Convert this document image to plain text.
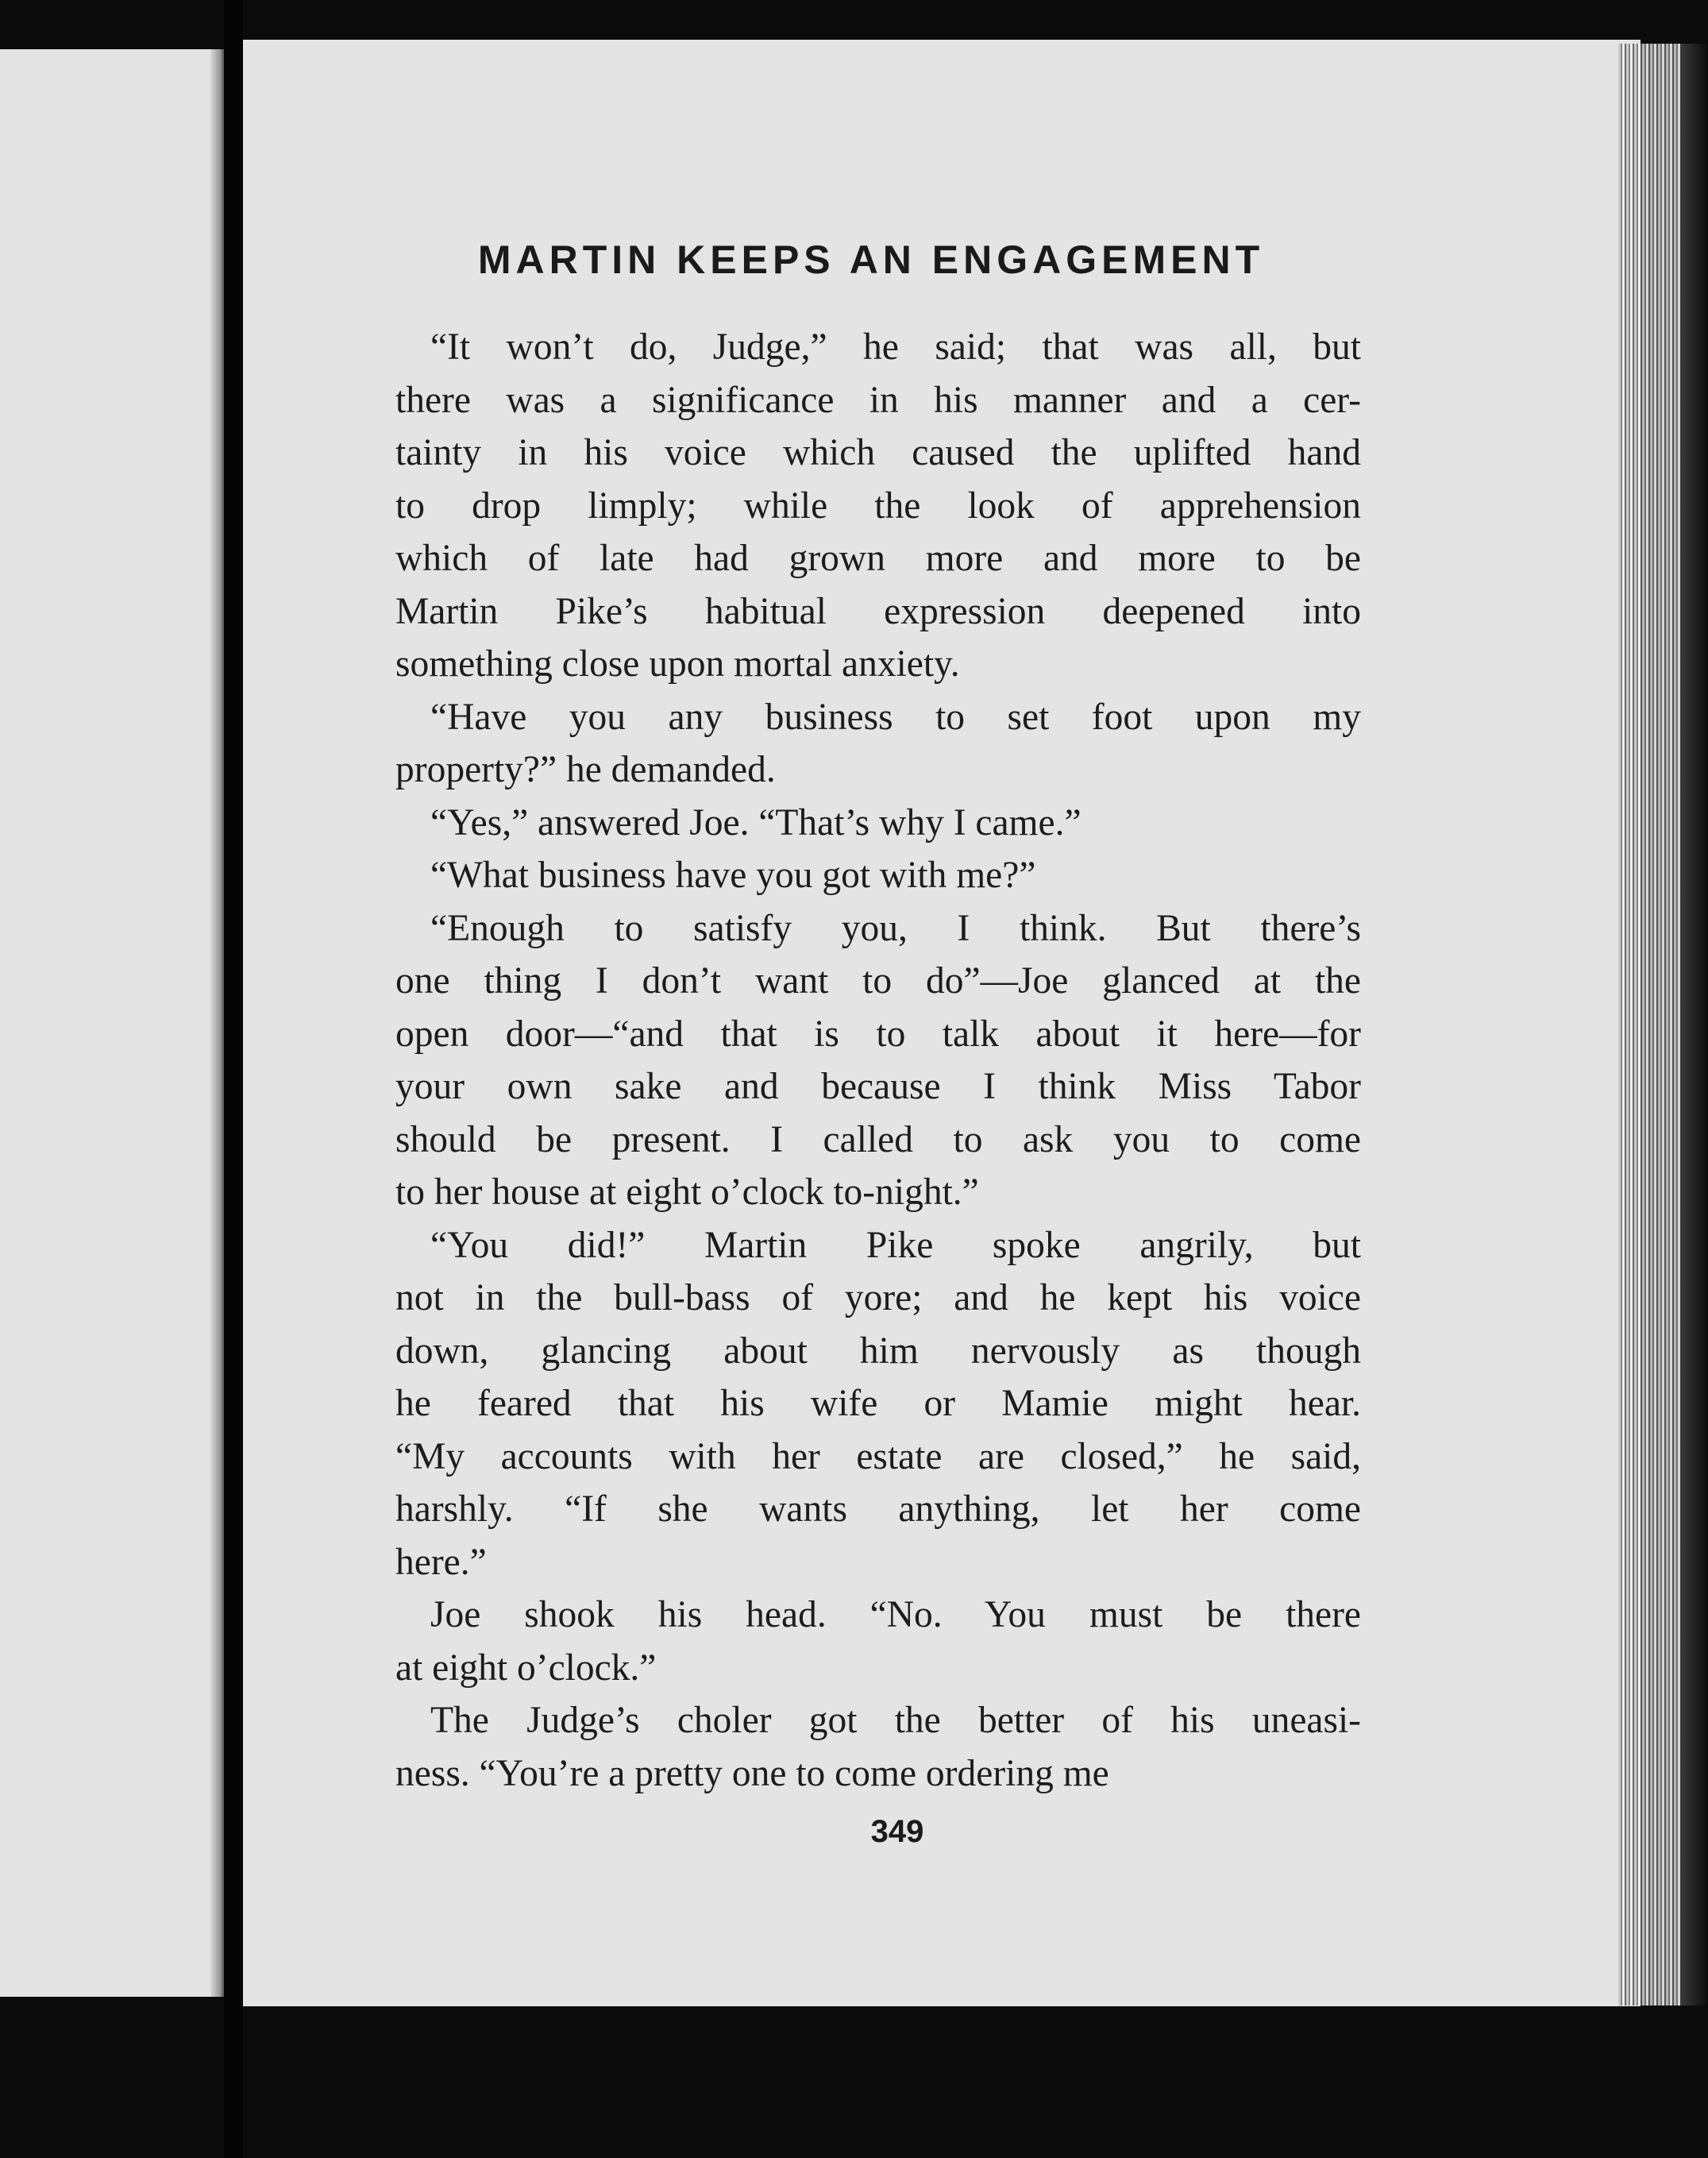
MARTIN KEEPS AN ENGAGEMENT
“It won’t do, Judge,” he said; that was all, but
there was a significance in his manner and a cer-
tainty in his voice which caused the uplifted hand
to drop limply; while the look of apprehension
which of late had grown more and more to be
Martin Pike’s habitual expression deepened into
something close upon mortal anxiety.
“Have you any business to set foot upon my
property?” he demanded.
“Yes,” answered Joe. “That’s why I came.”
“What business have you got with me?”
“Enough to satisfy you, I think. But there’s
one thing I don’t want to do”—Joe glanced at the
open door—“and that is to talk about it here—for
your own sake and because I think Miss Tabor
should be present. I called to ask you to come
to her house at eight o’clock to-night.”
“You did!” Martin Pike spoke angrily, but
not in the bull-bass of yore; and he kept his voice
down, glancing about him nervously as though
he feared that his wife or Mamie might hear.
“My accounts with her estate are closed,” he said,
harshly. “If she wants anything, let her come
here.”
Joe shook his head. “No. You must be there
at eight o’clock.”
The Judge’s choler got the better of his uneasi-
ness. “You’re a pretty one to come ordering me
349
